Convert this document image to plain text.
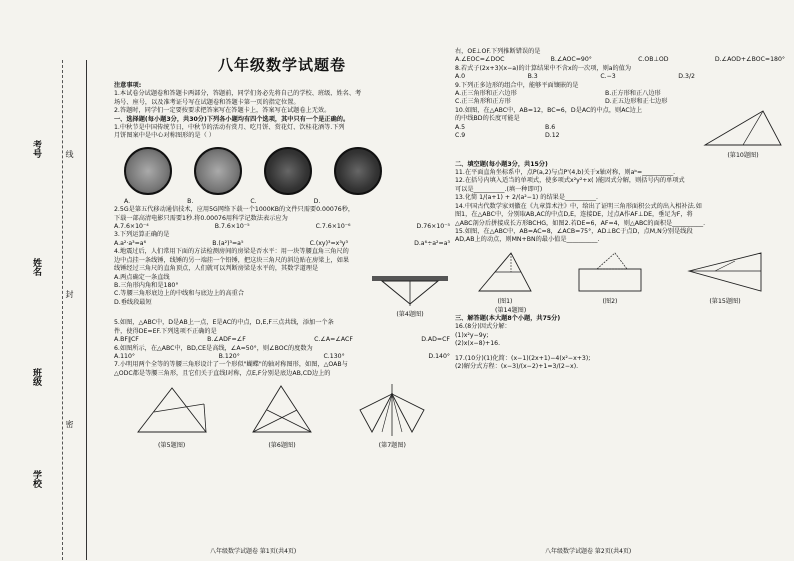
考号
姓名
班级
学校
线
封
密
八年级数学试题卷

注意事项:

1.本试卷分试题卷和答题卡两部分，答题前，同学们务必先将自己的学校、班级、姓名、考

场号、座号，以及准考证号写在试题卷和答题卡第一页的指定位置。

2.答题时，同学们一定要按要求把答案写在答题卡上，答案写在试题卷上无效。

一、选择题(每小题3分，共30分)下列各小题均有四个选项，其中只有一个是正确的。

1.中秋节是中国传统节日，中秋节的活动有赏月、吃月饼、赏花灯、饮桂花酒等.下列

月饼图案中是中心对称图形的是（ ）

A.	B.	C.	D.

2.5G是第五代移动通信技术，应用5G网络下载一个1000KB的文件只需要0.00076秒，

下载一部高清电影只需要1秒.将0.00076用科学记数法表示应为

A.7.6×10⁻⁴	B.7.6×10⁻⁵	C.7.6×10⁻⁶	D.76×10⁻⁵

3.下列运算正确的是

A.a²·a³=a⁶	B.(a²)³=a⁵	C.(xy)³=x³y³	D.a⁶÷a²=a³

4.地震过后，人们常用下面的方法检测房间的房梁是否水平：用一块等腰直角三角尺的

边中点挂一条线锤，线锤的另一端挂一个铅锤，把这块三角尺的斜边贴在房梁上，如果

线锤经过三角尺的直角顶点，人们就可以判断房梁是水平的，其数学道理是

A.两点确定一条直线

B.三角形内角和是180°

C.等腰三角形底边上的中线和与底边上的高重合

D.垂线段最短

(第4题图)

5.如图，△ABC中，D是AB上一点，E是AC的中点，D,E,F三点共线，添加一个条

件，使得DE=EF.下列选项不正确的是

A.BF∥CF	B.∠ADF=∠F	C.∠A=∠ACF	D.AD=CF

6.如图所示，在△ABC中，BD,CE是高线，∠A=50°，则∠BOC的度数为

A.110°	B.120°	C.130°	D.140°

7.小明用两个全等的等腰三角形设计了一个形似"蝴蝶"的轴对称图形，如图，△OAB与

△ODC都是等腰三角形，且它们关于直线l对称，点E,F分别是底边AB,CD边上的

(第5题图)	(第6题图)	(第7题图)
八年级数学试题卷 第1页(共4页)

右，OE⊥OF.下列推断错误的是

A.∠EOC=∠DOC	B.∠AOC=90°	C.OB⊥OD	D.∠AOD+∠BOC=180°

8.若式子(2x+3)(x−a)的计算结果中不含x的一次项，则a的值为

A.0	B.3	C.−3	D.3/2

9.下列正多边形的组合中，能够平面镶嵌的是

A.正三角形和正六边形	B.正方形和正八边形
C.正三角形和正方形	D.正五边形和正七边形

10.如图，在△ABC中，AB=12，BC=6，D是AC的中点，则AC边上

的中线BD的长度可能是

A.5	B.6
C.9	D.12
(第10题图)

二、填空题(每小题3分，共15分)

11.在平面直角坐标系中，点P(a,2)与点P'(4,b)关于x轴对称，则aᵇ=__________.

12.在括号内填入适当的单项式，使多项式x²y²+x( )能因式分解，则括号内的单项式

可以是__________.(填一种即可)

13.化简 1/(a+1) + 2/(a²−1) 的结果是__________.

14.中国古代数学家刘徽在《九章算术注》中，给出了证明三角形面积公式的出入相补法.如

图1，在△ABC中，分别取AB,AC的中点D,E，连接DE，过点A作AF⊥DE，垂足为F，将

△ABC剖分后拼接成长方形BCHG，如图2.若DE=6，AF=4，则△ABC的面积是__________.

15.如图，在△ABC中，AB=AC=8，∠ACB=75°，AD⊥BC于点D，点M,N分别是线段

AD,AB上的动点，则MN+BN的最小值是__________.

(图1)	(图2)	(第15题图)

(第14题图)

三、解答题(本大题8个小题，共75分)

16.(8分)因式分解：

(1)x²y−9y;

(2)x(x−8)+16.

17.(10分)(1)化简：(x−1)(2x+1)−4(x²−x+3);

(2)解分式方程：(x−3)/(x−2)+1=3/(2−x).

八年级数学试题卷 第2页(共4页)
